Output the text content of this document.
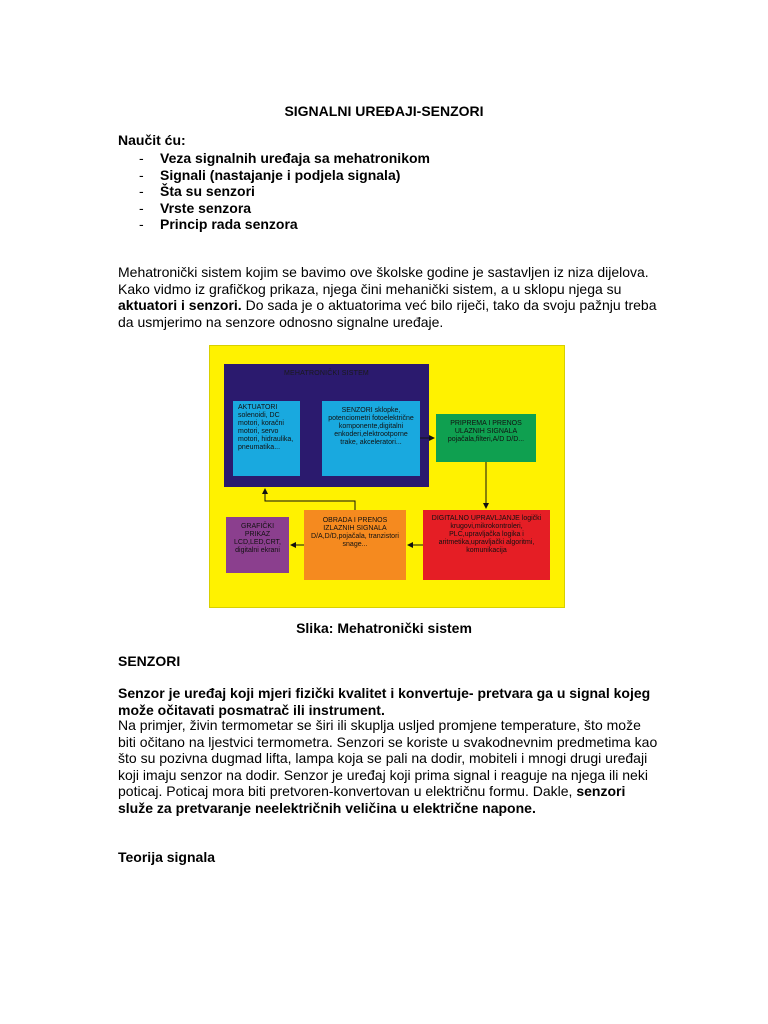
SIGNALNI UREĐAJI-SENZORI
Naučit ću:
- Veza signalnih uređaja sa mehatronikom
- Signali (nastajanje i podjela signala)
- Šta su senzori
- Vrste senzora
- Princip rada senzora
Mehatronički sistem kojim se bavimo ove školske godine je sastavljen iz niza dijelova. Kako vidmo iz grafičkog prikaza, njega čini mehanički sistem, a u sklopu njega su aktuatori i senzori. Do sada je o aktuatorima već bilo riječi, tako da svoju pažnju treba da usmjerimo na senzore odnosno signalne uređaje.
MEHATRONIČKI SISTEM
AKTUATORI solenoidi, DC motori, koračni motori, servo motori, hidraulika, pneumatika...
SENZORI sklopke, potenciometri fotoelektrične komponente,digitalni enkoderi,elektrootporne trake, akceleratori...
PRIPREMA I PRENOS ULAZNIH SIGNALA pojačala,filteri,A/D D/D...
DIGITALNO UPRAVLJANJE logički krugovi,mikrokontroleri, PLC,upravljačka logika i aritmetika,upravljački algoritmi, komunikacija
OBRADA I PRENOS IZLAZNIH SIGNALA D/A,D/D,pojačala, tranzistori snage...
GRAFIČKI PRIKAZ LCD,LED,CRT, digitalni ekrani
Slika: Mehatronički sistem
SENZORI
Senzor je uređaj koji mjeri fizički kvalitet i konvertuje- pretvara ga u signal kojeg može očitavati posmatrač ili instrument.
Na primjer, živin termometar se širi ili skuplja usljed promjene temperature, što može biti očitano na ljestvici termometra. Senzori se koriste u svakodnevnim predmetima kao što su pozivna dugmad lifta, lampa koja se pali na dodir, mobiteli i mnogi drugi uređaji koji imaju senzor na dodir. Senzor je uređaj koji prima signal i reaguje na njega ili neki poticaj. Poticaj mora biti pretvoren-konvertovan u električnu formu. Dakle, senzori služe za pretvaranje neelektričnih veličina u električne napone.
Teorija signala
